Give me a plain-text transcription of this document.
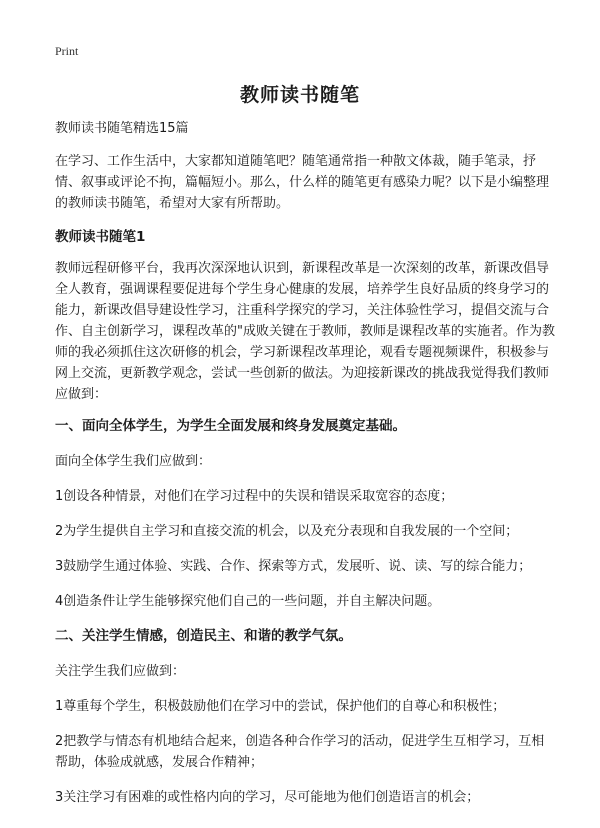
Print
教师读书随笔

教师读书随笔精选15篇

在学习、工作生活中，大家都知道随笔吧？随笔通常指一种散文体裁，随手笔录，抒情、叙事或评论不拘，篇幅短小。那么，什么样的随笔更有感染力呢？以下是小编整理的教师读书随笔，希望对大家有所帮助。

教师读书随笔1

教师远程研修平台，我再次深深地认识到，新课程改革是一次深刻的改革，新课改倡导全人教育，强调课程要促进每个学生身心健康的发展，培养学生良好品质的终身学习的能力，新课改倡导建设性学习，注重科学探究的学习，关注体验性学习，提倡交流与合作、自主创新学习，课程改革的"成败关键在于教师，教师是课程改革的实施者。作为教师的我必须抓住这次研修的机会，学习新课程改革理论，观看专题视频课件，积极参与网上交流，更新教学观念，尝试一些创新的做法。为迎接新课改的挑战我觉得我们教师应做到：

一、面向全体学生，为学生全面发展和终身发展奠定基础。

面向全体学生我们应做到：

1创设各种情景，对他们在学习过程中的失误和错误采取宽容的态度；

2为学生提供自主学习和直接交流的机会，以及充分表现和自我发展的一个空间；

3鼓励学生通过体验、实践、合作、探索等方式，发展听、说、读、写的综合能力；

4创造条件让学生能够探究他们自己的一些问题，并自主解决问题。

二、关注学生情感，创造民主、和谐的教学气氛。

关注学生我们应做到：

1尊重每个学生，积极鼓励他们在学习中的尝试，保护他们的自尊心和积极性；

2把教学与情态有机地结合起来，创造各种合作学习的活动，促进学生互相学习，互相帮助，体验成就感，发展合作精神；

3关注学习有困难的或性格内向的学习，尽可能地为他们创造语言的机会；
